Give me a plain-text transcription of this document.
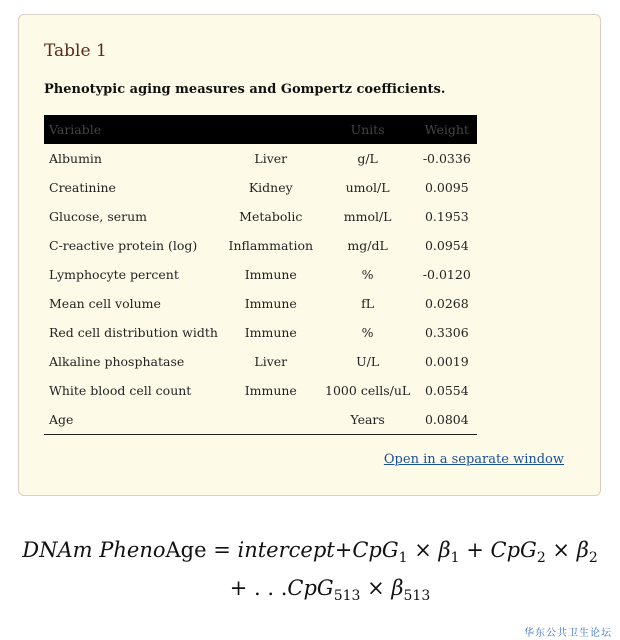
Table 1
Phenotypic aging measures and Gompertz coefficients.
Variable		Units	Weight
Albumin	Liver	g/L	-0.0336
Creatinine	Kidney	umol/L	0.0095
Glucose, serum	Metabolic	mmol/L	0.1953
C-reactive protein (log)	Inflammation	mg/dL	0.0954
Lymphocyte percent	Immune	%	-0.0120
Mean cell volume	Immune	fL	0.0268
Red cell distribution width	Immune	%	0.3306
Alkaline phosphatase	Liver	U/L	0.0019
White blood cell count	Immune	1000 cells/uL	0.0554
Age		Years	0.0804
Open in a separate window
DNAm PhenoAge = intercept+CpG$_1$ × $\beta_1 + CpG_2 \times \beta_2$
+ . . $.CpG_{513} \times \beta_{513}$
华东公共卫生论坛
